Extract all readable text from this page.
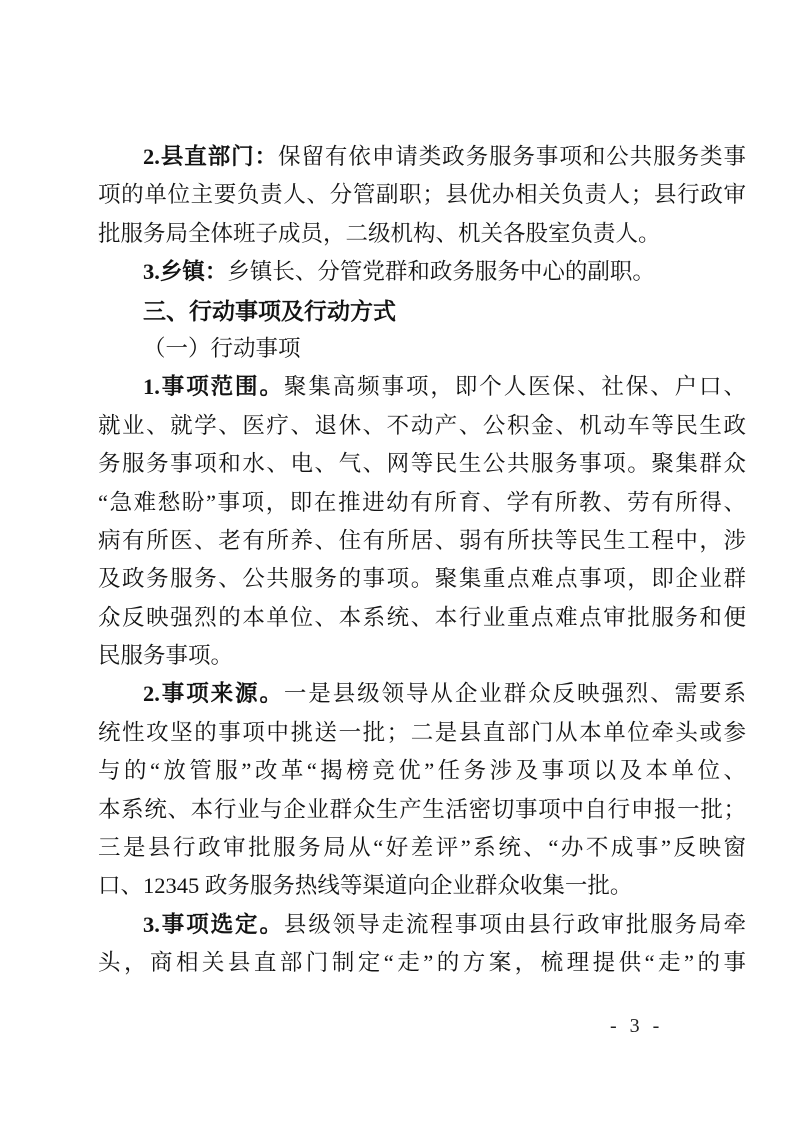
2.县直部门：保留有依申请类政务服务事项和公共服务类事
项的单位主要负责人、分管副职；县优办相关负责人；县行政审
批服务局全体班子成员，二级机构、机关各股室负责人。
3.乡镇：乡镇长、分管党群和政务服务中心的副职。
三、行动事项及行动方式
（一）行动事项
1.事项范围。聚集高频事项，即个人医保、社保、户口、
就业、就学、医疗、退休、不动产、公积金、机动车等民生政
务服务事项和水、电、气、网等民生公共服务事项。聚集群众
“急难愁盼”事项，即在推进幼有所育、学有所教、劳有所得、
病有所医、老有所养、住有所居、弱有所扶等民生工程中，涉
及政务服务、公共服务的事项。聚集重点难点事项，即企业群
众反映强烈的本单位、本系统、本行业重点难点审批服务和便
民服务事项。
2.事项来源。一是县级领导从企业群众反映强烈、需要系
统性攻坚的事项中挑送一批；二是县直部门从本单位牵头或参
与的“放管服”改革“揭榜竞优”任务涉及事项以及本单位、
本系统、本行业与企业群众生产生活密切事项中自行申报一批；
三是县行政审批服务局从“好差评”系统、“办不成事”反映窗
口、12345 政务服务热线等渠道向企业群众收集一批。
3.事项选定。县级领导走流程事项由县行政审批服务局牵
头，商相关县直部门制定“走”的方案，梳理提供“走”的事
- 3 -
